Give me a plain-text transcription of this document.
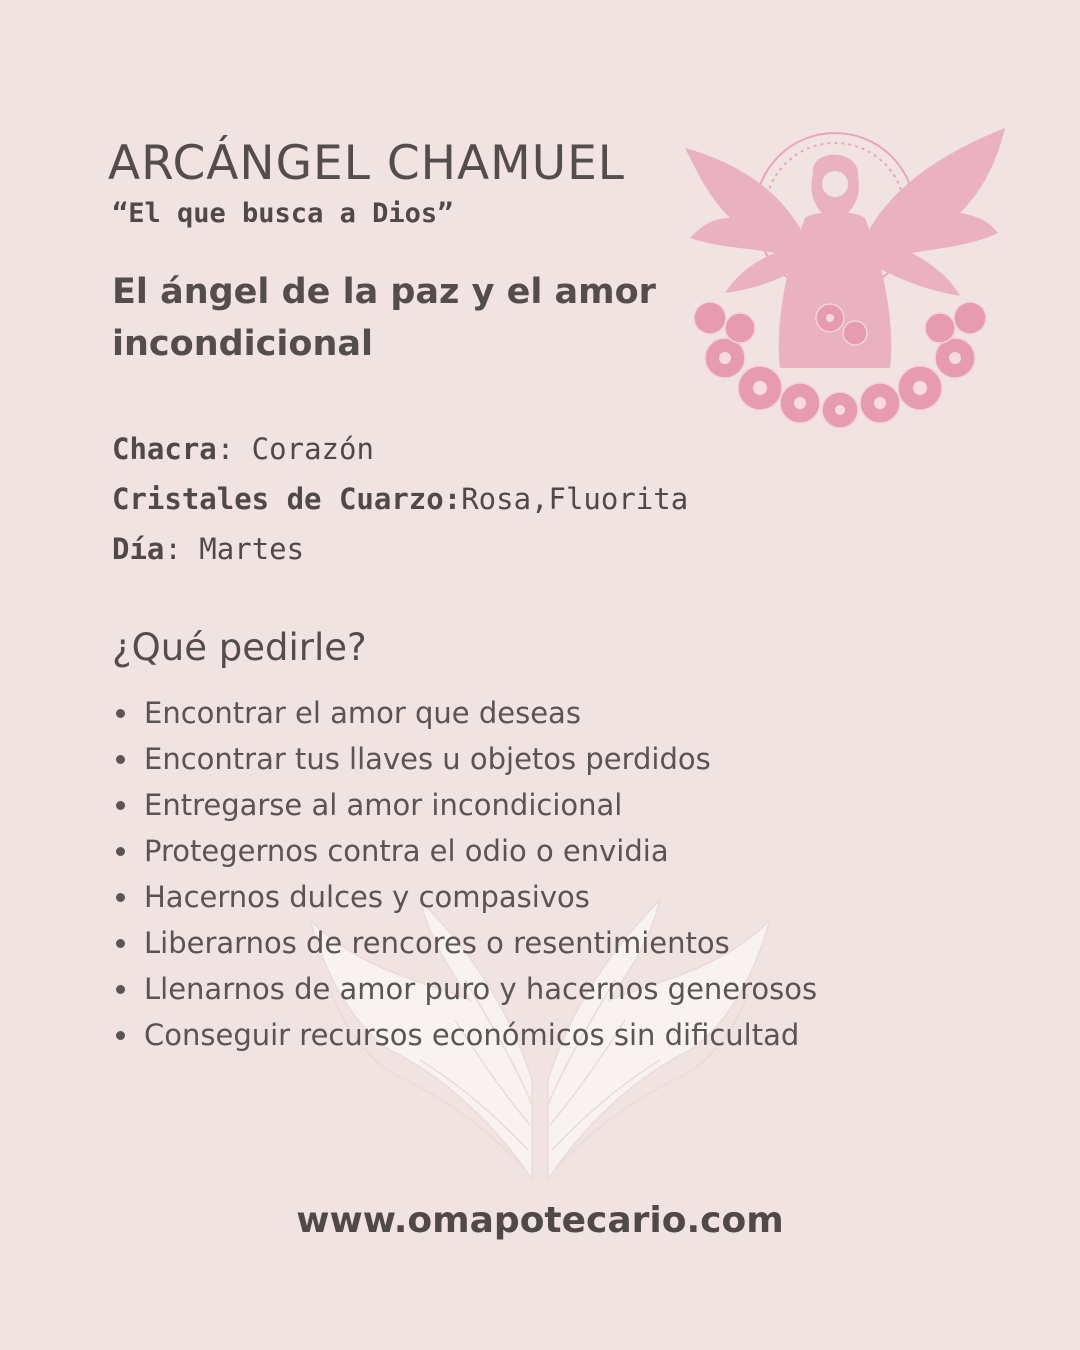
ARCÁNGEL CHAMUEL

“El que busca a Dios”

El ángel de la paz y el amor incondicional
Chacra: Corazón
Cristales de Cuarzo:Rosa,Fluorita
Día: Martes
¿Qué pedirle?
Encontrar el amor que deseas
Encontrar tus llaves u objetos perdidos
Entregarse al amor incondicional
Protegernos contra el odio o envidia
Hacernos dulces y compasivos
Liberarnos de rencores o resentimientos
Llenarnos de amor puro y hacernos generosos
Conseguir recursos económicos sin dificultad

www.omapotecario.com
